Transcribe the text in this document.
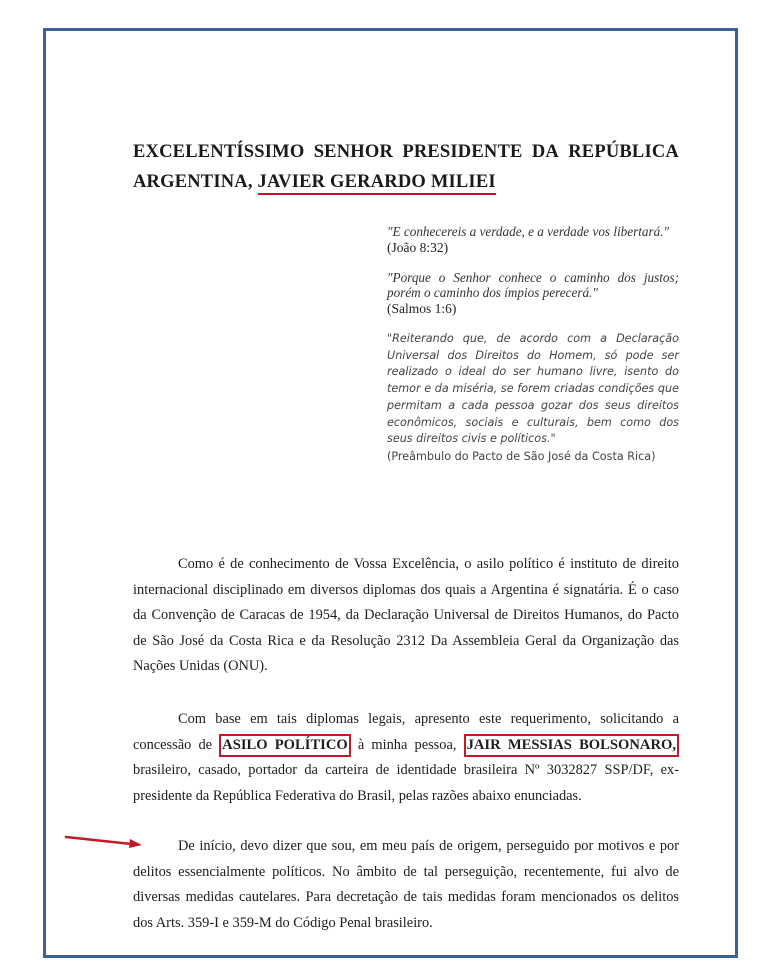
EXCELENTÍSSIMO SENHOR PRESIDENTE DA REPÚBLICA
ARGENTINA, JAVIER GERARDO MILIEI
"E conhecereis a verdade, e a verdade vos libertará."
(João 8:32)
"Porque o Senhor conhece o caminho dos justos; porém o caminho dos ímpios perecerá."
(Salmos 1:6)
"Reiterando que, de acordo com a Declaração Universal dos Direitos do Homem, só pode ser realizado o ideal do ser humano livre, isento do temor e da miséria, se forem criadas condições que permitam a cada pessoa gozar dos seus direitos econômicos, sociais e culturais, bem como dos seus direitos civis e políticos."
(Preâmbulo do Pacto de São José da Costa Rica)

Como é de conhecimento de Vossa Excelência, o asilo político é instituto de direito internacional disciplinado em diversos diplomas dos quais a Argentina é signatária. É o caso da Convenção de Caracas de 1954, da Declaração Universal de Direitos Humanos, do Pacto de São José da Costa Rica e da Resolução 2312 Da Assembleia Geral da Organização das Nações Unidas (ONU).

Com base em tais diplomas legais, apresento este requerimento, solicitando a concessão de ASILO POLÍTICO à minha pessoa, JAIR MESSIAS BOLSONARO, brasileiro, casado, portador da carteira de identidade brasileira Nº 3032827 SSP/DF, ex-presidente da República Federativa do Brasil, pelas razões abaixo enunciadas.

De início, devo dizer que sou, em meu país de origem, perseguido por motivos e por delitos essencialmente políticos. No âmbito de tal perseguição, recentemente, fui alvo de diversas medidas cautelares. Para decretação de tais medidas foram mencionados os delitos dos Arts. 359-I e 359-M do Código Penal brasileiro.
